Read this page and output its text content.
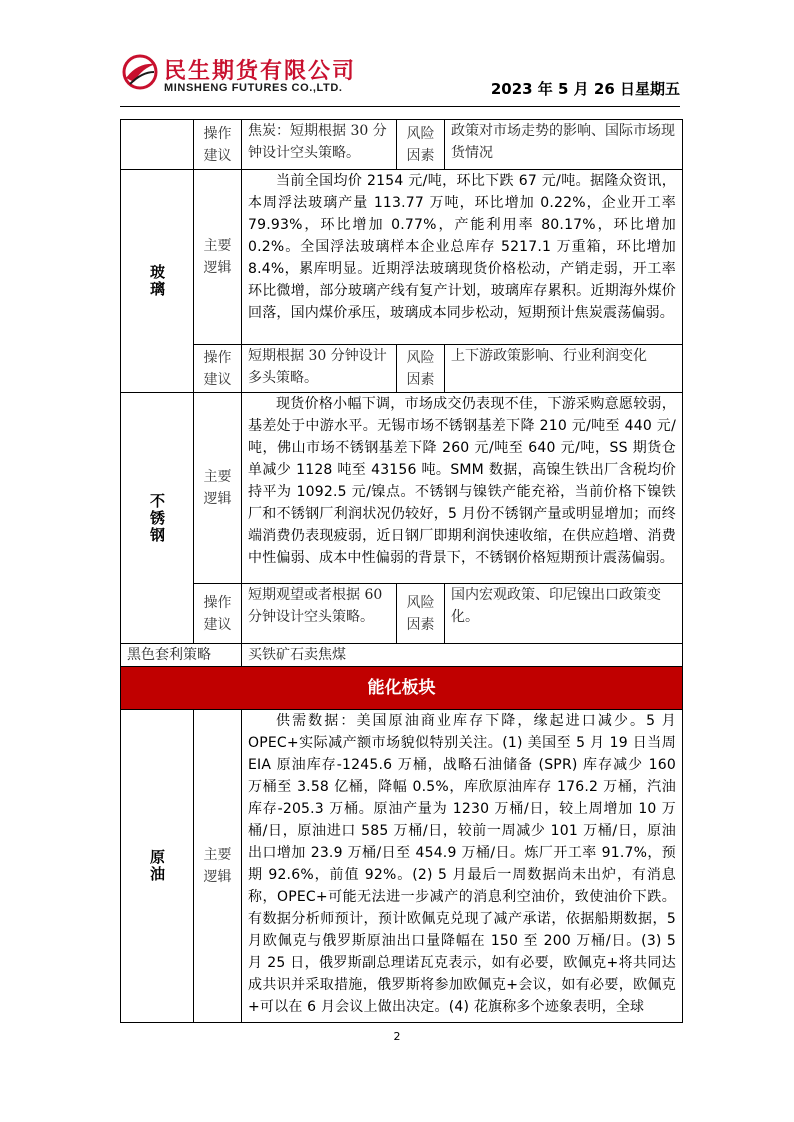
民生期货有限公司
MINSHENG FUTURES CO.,LTD.	2023 年 5 月 26 日星期五
	操作建议	焦炭：短期根据 30 分钟设计空头策略。	风险因素	政策对市场走势的影响、国际市场现货情况
玻璃	主要逻辑	当前全国均价 2154 元/吨，环比下跌 67 元/吨。据隆众资讯，本周浮法玻璃产量 113.77 万吨，环比增加 0.22%，企业开工率 79.93%，环比增加 0.77%，产能利用率 80.17%，环比增加 0.2%。全国浮法玻璃样本企业总库存 5217.1 万重箱，环比增加 8.4%，累库明显。近期浮法玻璃现货价格松动，产销走弱，开工率环比微增，部分玻璃产线有复产计划，玻璃库存累积。近期海外煤价回落，国内煤价承压，玻璃成本同步松动，短期预计焦炭震荡偏弱。		
	操作建议	短期根据 30 分钟设计多头策略。	风险因素	上下游政策影响、行业利润变化
不锈钢	主要逻辑	现货价格小幅下调，市场成交仍表现不佳，下游采购意愿较弱，基差处于中游水平。无锡市场不锈钢基差下降 210 元/吨至 440 元/吨，佛山市场不锈钢基差下降 260 元/吨至 640 元/吨，SS 期货仓单减少 1128 吨至 43156 吨。SMM 数据，高镍生铁出厂含税均价持平为 1092.5 元/镍点。不锈钢与镍铁产能充裕，当前价格下镍铁厂和不锈钢厂利润状况仍较好，5 月份不锈钢产量或明显增加；而终端消费仍表现疲弱，近日钢厂即期利润快速收缩，在供应趋增、消费中性偏弱、成本中性偏弱的背景下，不锈钢价格短期预计震荡偏弱。		
	操作建议	短期观望或者根据 60 分钟设计空头策略。	风险因素	国内宏观政策、印尼镍出口政策变化。
黑色套利策略		买铁矿石卖焦煤		
能化板块				
原油	主要逻辑	供需数据：美国原油商业库存下降，缘起进口减少。5 月 OPEC+实际减产额市场貌似特别关注。(1) 美国至 5 月 19 日当周 EIA 原油库存-1245.6 万桶，战略石油储备 (SPR) 库存减少 160 万桶至 3.58 亿桶，降幅 0.5%，库欣原油库存 176.2 万桶，汽油库存-205.3 万桶。原油产量为 1230 万桶/日，较上周增加 10 万桶/日，原油进口 585 万桶/日，较前一周减少 101 万桶/日，原油出口增加 23.9 万桶/日至 454.9 万桶/日。炼厂开工率 91.7%，预期 92.6%，前值 92%。(2) 5 月最后一周数据尚未出炉，有消息称，OPEC+可能无法进一步减产的消息利空油价，致使油价下跌。有数据分析师预计，预计欧佩克兑现了减产承诺，依据船期数据，5 月欧佩克与俄罗斯原油出口量降幅在 150 至 200 万桶/日。(3) 5 月 25 日，俄罗斯副总理诺瓦克表示，如有必要，欧佩克+将共同达成共识并采取措施，俄罗斯将参加欧佩克+会议，如有必要，欧佩克+可以在 6 月会议上做出决定。(4) 花旗称多个迹象表明，全球		
2
